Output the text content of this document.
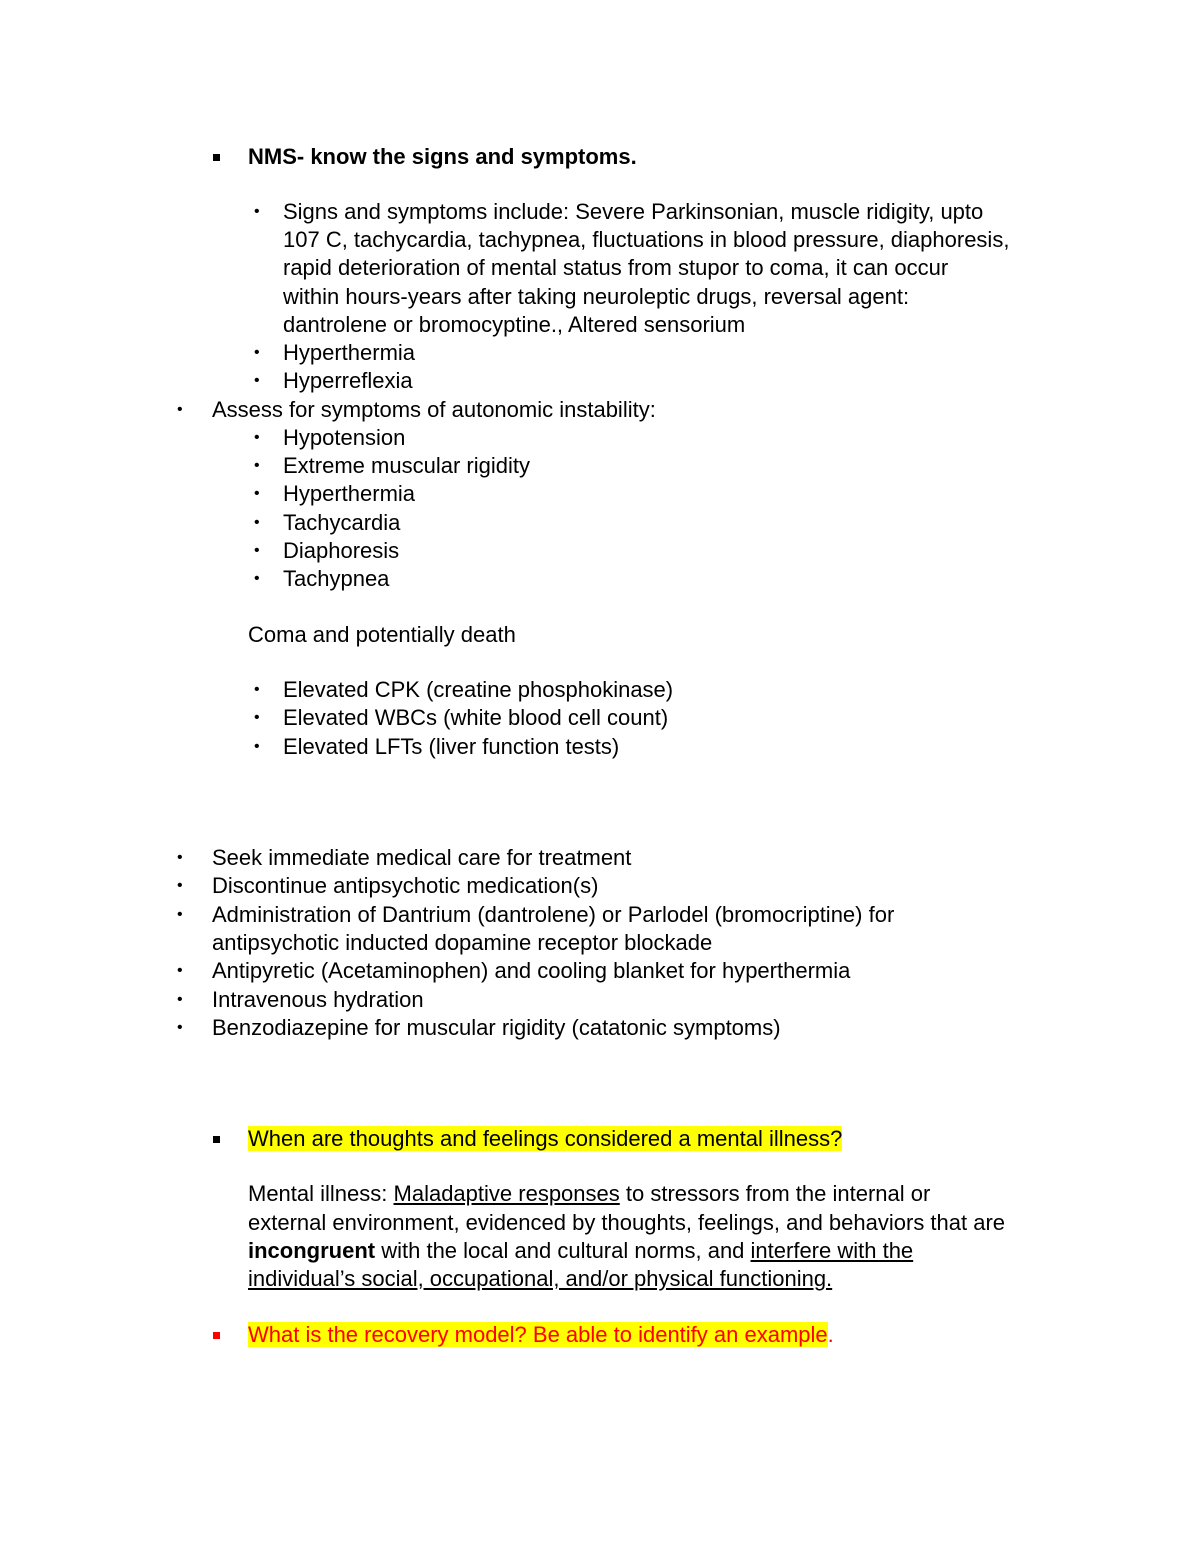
NMS- know the signs and symptoms.
• Signs and symptoms include: Severe Parkinsonian, muscle ridigity, upto
107 C, tachycardia, tachypnea, fluctuations in blood pressure, diaphoresis,
rapid deterioration of mental status from stupor to coma, it can occur
within hours-years after taking neuroleptic drugs, reversal agent:
dantrolene or bromocyptine., Altered sensorium
• Hyperthermia
• Hyperreflexia
• Assess for symptoms of autonomic instability:
• Hypotension
• Extreme muscular rigidity
• Hyperthermia
• Tachycardia
• Diaphoresis
• Tachypnea
Coma and potentially death
• Elevated CPK (creatine phosphokinase)
• Elevated WBCs (white blood cell count)
• Elevated LFTs (liver function tests)
• Seek immediate medical care for treatment
• Discontinue antipsychotic medication(s)
• Administration of Dantrium (dantrolene) or Parlodel (bromocriptine) for
antipsychotic inducted dopamine receptor blockade
• Antipyretic (Acetaminophen) and cooling blanket for hyperthermia
• Intravenous hydration
• Benzodiazepine for muscular rigidity (catatonic symptoms)
When are thoughts and feelings considered a mental illness?
Mental illness: Maladaptive responses to stressors from the internal or
external environment, evidenced by thoughts, feelings, and behaviors that are
incongruent with the local and cultural norms, and interfere with the
individual’s social, occupational, and/or physical functioning.
What is the recovery model? Be able to identify an example.
